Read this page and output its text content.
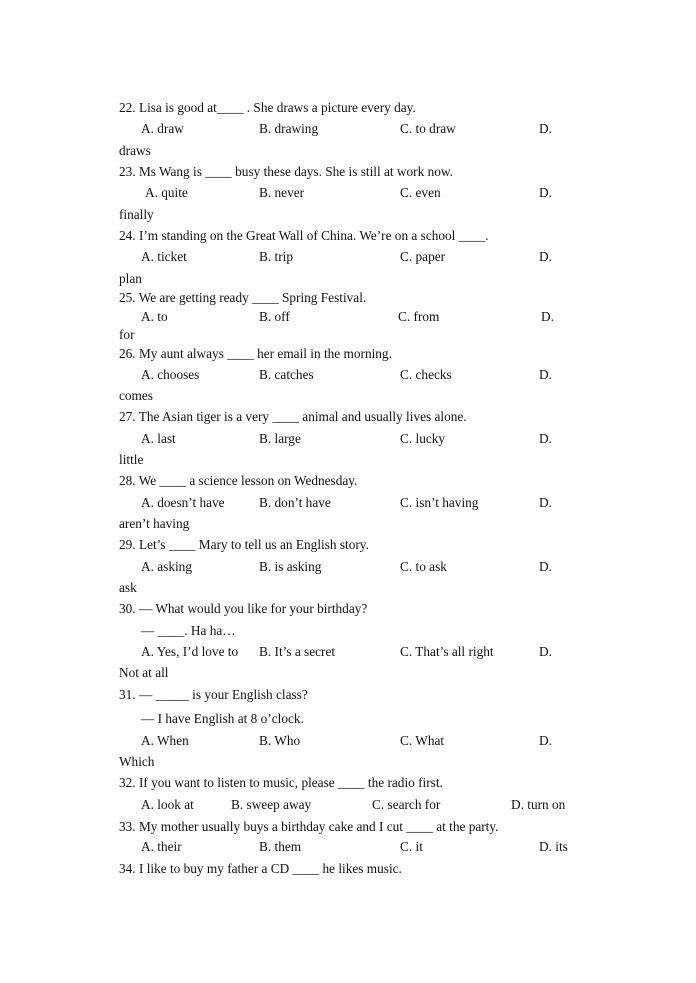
22. Lisa is good at____ . She draws a picture every day.
A. draw	B. drawing	C. to draw	D.
draws
23. Ms Wang is ____ busy these days. She is still at work now.
A. quite	B. never	C. even	D.
finally
24. I’m standing on the Great Wall of China. We’re on a school ____.
A. ticket	B. trip	C. paper	D.
plan
25. We are getting ready ____ Spring Festival.
A. to	B. off	C. from	D.
for
26. My aunt always ____ her email in the morning.
A. chooses	B. catches	C. checks	D.
comes
27. The Asian tiger is a very ____ animal and usually lives alone.
A. last	B. large	C. lucky	D.
little
28. We ____ a science lesson on Wednesday.
A. doesn’t have	B. don’t have	C. isn’t having	D.
aren’t having
29. Let’s ____ Mary to tell us an English story.
A. asking	B. is asking	C. to ask	D.
ask
30. — What would you like for your birthday?
— ____. Ha ha…
A. Yes, I’d love to B. It’s a secret	C. That’s all right	D.
Not at all
31. — _____ is your English class?
— I have English at 8 o’clock.
A. When	B. Who	C. What	D.
Which
32. If you want to listen to music, please ____ the radio first.
A. look at	B. sweep away	C. search for	D. turn on
33. My mother usually buys a birthday cake and I cut ____ at the party.
A. their	B. them	C. it	D. its
34. I like to buy my father a CD ____ he likes music.
